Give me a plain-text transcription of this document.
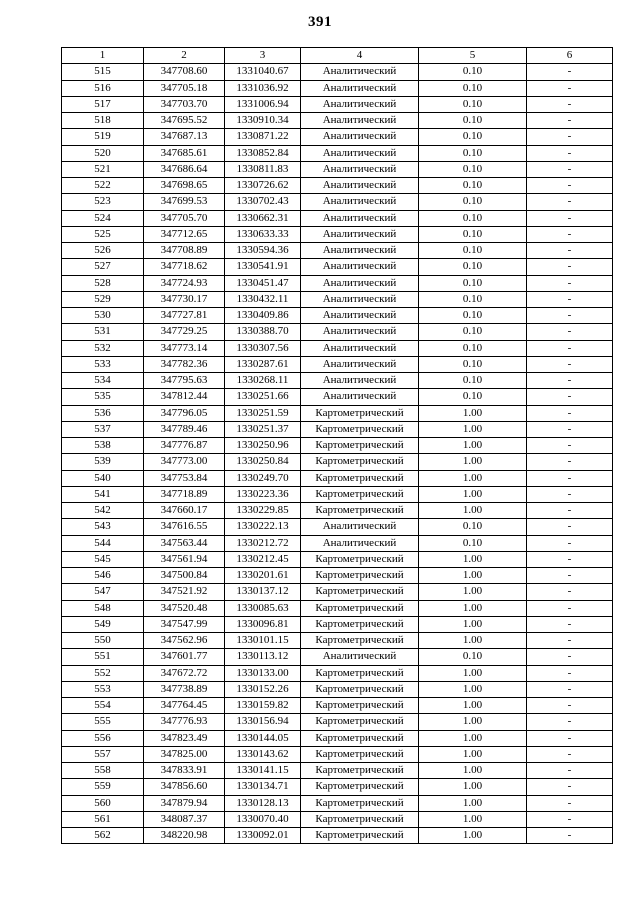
391
1	2	3	4	5	6
515	347708.60	1331040.67	Аналитический	0.10	-
516	347705.18	1331036.92	Аналитический	0.10	-
517	347703.70	1331006.94	Аналитический	0.10	-
518	347695.52	1330910.34	Аналитический	0.10	-
519	347687.13	1330871.22	Аналитический	0.10	-
520	347685.61	1330852.84	Аналитический	0.10	-
521	347686.64	1330811.83	Аналитический	0.10	-
522	347698.65	1330726.62	Аналитический	0.10	-
523	347699.53	1330702.43	Аналитический	0.10	-
524	347705.70	1330662.31	Аналитический	0.10	-
525	347712.65	1330633.33	Аналитический	0.10	-
526	347708.89	1330594.36	Аналитический	0.10	-
527	347718.62	1330541.91	Аналитический	0.10	-
528	347724.93	1330451.47	Аналитический	0.10	-
529	347730.17	1330432.11	Аналитический	0.10	-
530	347727.81	1330409.86	Аналитический	0.10	-
531	347729.25	1330388.70	Аналитический	0.10	-
532	347773.14	1330307.56	Аналитический	0.10	-
533	347782.36	1330287.61	Аналитический	0.10	-
534	347795.63	1330268.11	Аналитический	0.10	-
535	347812.44	1330251.66	Аналитический	0.10	-
536	347796.05	1330251.59	Картометрический	1.00	-
537	347789.46	1330251.37	Картометрический	1.00	-
538	347776.87	1330250.96	Картометрический	1.00	-
539	347773.00	1330250.84	Картометрический	1.00	-
540	347753.84	1330249.70	Картометрический	1.00	-
541	347718.89	1330223.36	Картометрический	1.00	-
542	347660.17	1330229.85	Картометрический	1.00	-
543	347616.55	1330222.13	Аналитический	0.10	-
544	347563.44	1330212.72	Аналитический	0.10	-
545	347561.94	1330212.45	Картометрический	1.00	-
546	347500.84	1330201.61	Картометрический	1.00	-
547	347521.92	1330137.12	Картометрический	1.00	-
548	347520.48	1330085.63	Картометрический	1.00	-
549	347547.99	1330096.81	Картометрический	1.00	-
550	347562.96	1330101.15	Картометрический	1.00	-
551	347601.77	1330113.12	Аналитический	0.10	-
552	347672.72	1330133.00	Картометрический	1.00	-
553	347738.89	1330152.26	Картометрический	1.00	-
554	347764.45	1330159.82	Картометрический	1.00	-
555	347776.93	1330156.94	Картометрический	1.00	-
556	347823.49	1330144.05	Картометрический	1.00	-
557	347825.00	1330143.62	Картометрический	1.00	-
558	347833.91	1330141.15	Картометрический	1.00	-
559	347856.60	1330134.71	Картометрический	1.00	-
560	347879.94	1330128.13	Картометрический	1.00	-
561	348087.37	1330070.40	Картометрический	1.00	-
562	348220.98	1330092.01	Картометрический	1.00	-
